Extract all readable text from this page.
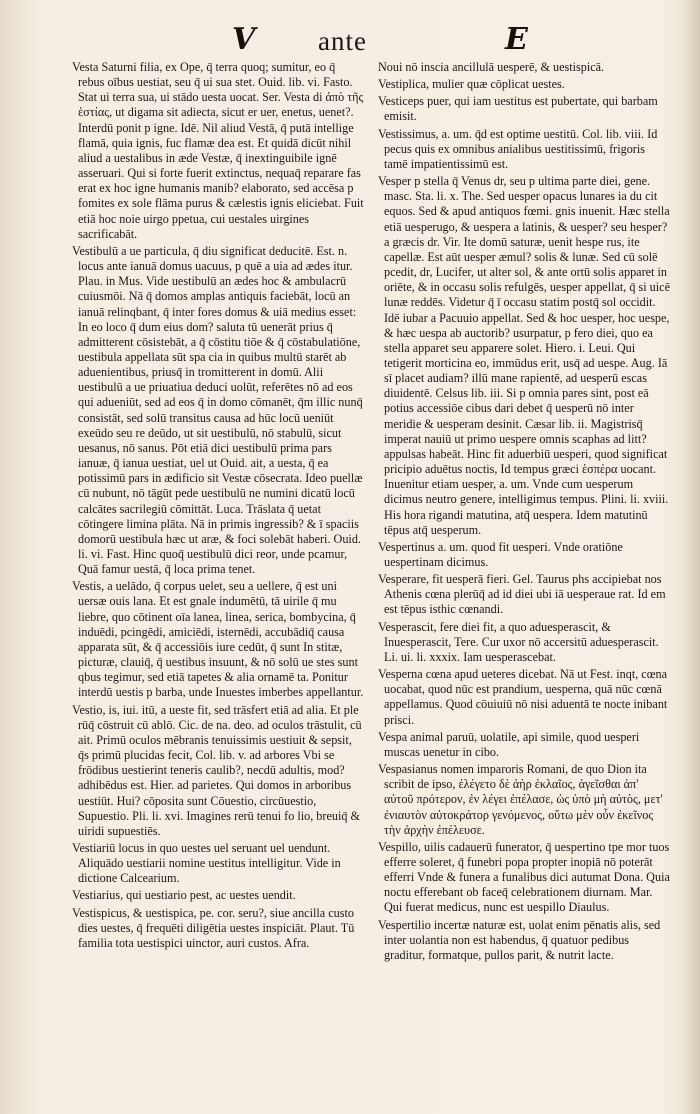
V ante	E

Vesta Saturni filia, ex Ope, q̄ terra quoq; sumitur, eo q̄ rebus oībus uestiat, seu q̄ ui sua stet. Ouid. lib. vi. Fasto. Stat ui terra sua, ui stādo uesta uocat. Ser. Vesta di ἀπὸ τῆς ἑστίας, ut digama sit adiecta, sicut er uer, enetus, uenet?. Interdū ponit p igne. Idē. Nil aliud Vestā, q̄ putā intellige flamā, quia ignis, fuc flamæ dea est. Et quidā dicūt nihil aliud a uestalibus in æde Vestæ, q̄ inextinguibile ignē asseruari. Qui si forte fuerit extinctus, nequaq̄ reparare fas erat ex hoc igne humanis manib? elaborato, sed accēsa p fomites ex sole flāma purus & cælestis ignis eliciebat. Fuit etiā hoc noie uirgo ppetua, cui uestales uirgines sacrificabāt.

Vestibulū a ue particula, q̄ diu significat deducitē. Est. n. locus ante ianuā domus uacuus, p quē a uia ad ædes itur. Plau. in Mus. Vide uestibulū an ædes hoc & ambulacrū cuiusmōi. Nā q̄ domos amplas antiquis faciebāt, locū an ianuā relinqbant, q̄ inter fores domus & uiā medius esset: In eo loco q̄ dum eius dom? saluta tū uenerāt prius q̄ admitterent cōsistebāt, a q̄ cōstitu tiōe & q̄ cōstabulatiōne, uestibula appellata sūt spa cia in quibus multū starēt ab aduenientibus, priusq̄ in tromitterent in domū. Alii uestibulū a ue priuatiua deduci uolūt, referētes nō ad eos qui adueniūt, sed ad eos q̄ in domo cōmanēt, q̄m illic nunq̄ consistāt, sed solū transitus causa ad hūc locū ueniūt exeūdo seu re deūdo, ut sit uestibulū, nō stabulū, sicut uesanus, nō sanus. Pōt etiā dici uestibulū prima pars ianuæ, q̄ ianua uestiat, uel ut Ouid. ait, a uesta, q̄ ea potissimū pars in ædificio sit Vestæ cōsecrata. Ideo puellæ cū nubunt, nō tāgūt pede uestibulū ne numini dicatū locū calcātes sacrilegiū cōmittāt. Luca. Trāslata q̄ uetat cōtingere limina plāta. Nā in primis ingressib? & ī spaciis domorū uestibula hæc ut aræ, & foci solebāt haberi. Ouid. li. vi. Fast. Hinc quoq̄ uestibulū dici reor, unde pcamur, Quā famur uestā, q̄ loca prima tenet.

Vestis, a uelādo, q̄ corpus uelet, seu a uellere, q̄ est uni uersæ ouis lana. Et est gnale indumētū, tā uirile q̄ mu liebre, quo cōtinent oīa lanea, linea, serica, bombycina, q̄ induēdi, pcingēdi, amiciēdi, isternēdi, accubādiq̄ causa apparata sūt, & q̄ accessiōis iure cedūt, q̄ sunt In stitæ, picturæ, clauiq̄, q̄ uestibus insuunt, & nō solū ue stes sunt qbus tegimur, sed etiā tapetes & alia ornamē ta. Ponitur interdū uestis p barba, unde Inuestes imberbes appellantur.

Vestio, is, iui. itū, a ueste fit, sed trāsfert etiā ad alia. Et ple rūq̄ cōstruit cū ablō. Cic. de na. deo. ad oculos trāstulit, cū ait. Primū oculos mēbranis tenuissimis uestiuit & sepsit, q̄s primū plucidas fecit, Col. lib. v. ad arbores Vbi se frōdibus uestierint teneris caulib?, necdū adultis, mod? adhibēdus est. Hier. ad parietes. Qui domos in arboribus uestiūt. Hui? cōposita sunt Cōuestio, circūuestio, Supuestio. Pli. li. xvi. Imagines rerū tenui fo lio, breuiq̄ & uiridi supuestiēs.

Vestiariū locus in quo uestes uel seruant uel uendunt. Aliquādo uestiarii nomine uestitus intelligitur. Vide in dictione Calcearium.

Vestiarius, qui uestiario pest, ac uestes uendit.

Vestispicus, & uestispica, pe. cor. seru?, siue ancilla custo dies uestes, q̄ frequēti diligētia uestes inspiciāt. Plaut. Tū familia tota uestispici uinctor, auri custos. Afra.

Noui nō inscia ancillulā uesperē, & uestispicā.

Vestiplica, mulier quæ cōplicat uestes.

Vesticeps puer, qui iam uestitus est pubertate, qui barbam emisit.

Vestissimus, a. um. q̄d est optime uestitū. Col. lib. viii. Id pecus quis ex omnibus anialibus uestitissimū, frigoris tamē impatientissimū est.

Vesper p stella q̄ Venus dr, seu p ultima parte diei, gene. masc. Sta. li. x. The. Sed uesper opacus lunares ia du cit equos. Sed & apud antiquos fœmi. gnis inuenit. Hæc stella etiā uesperugo, & uespera a latinis, & uesper? seu hesper? a græcis dr. Vir. Ite domū saturæ, uenit hespe rus, ite capellæ. Est aūt uesper æmul? solis & lunæ. Sed cū solē pcedit, dr, Lucifer, ut alter sol, & ante ortū solis apparet in oriēte, & in occasu solis refulgēs, uesper appellat, q̄ si uicē lunæ reddēs. Videtur q̄ ī occasu statim postq̄ sol occidit. Idē iubar a Pacuuio appellat. Sed & hoc uesper, hoc uespe, & hæc uespa ab auctorib? usurpatur, p fero diei, quo ea stella apparet seu apparere solet. Hiero. i. Leui. Qui tetigerit morticina eo, immūdus erit, usq̄ ad uespe. Aug. Iā sī placet audiam? illū mane rapientē, ad uesperū escas diuidentē. Celsus lib. iii. Si p omnia pares sint, post eā potius accessiōe cibus dari debet q̄ uesperū nō inter meridie & uesperam desinit. Cæsar lib. ii. Magistrisq̄ imperat nauiū ut primo uespere omnis scaphas ad litt? appulsas habeāt. Hinc fit aduerbiū uesperi, quod significat pricipio aduētus noctis, Id tempus græci ἑσπέρα uocant. Inuenitur etiam uesper, a. um. Vnde cum uesperum dicimus neutro genere, intelligimus tempus. Plini. li. xviii. His hora rigandi matutina, atq̄ uespera. Idem matutinū tēpus atq̄ uesperum.

Vespertinus a. um. quod fit uesperi. Vnde oratiōne uespertinam dicimus.

Vesperare, fit uesperā fieri. Gel. Taurus phs accipiebat nos Athenis cœna plerūq̄ ad id diei ubi iā uesperaue rat. Id em est tēpus isthic cœnandi.

Vesperascit, fere diei fit, a quo aduesperascit, & Inuesperascit, Tere. Cur uxor nō accersitū aduesperascit. Li. ui. li. xxxix. Iam uesperascebat.

Vesperna cœna apud ueteres dicebat. Nā ut Fest. inqt, cœna uocabat, quod nūc est prandium, uesperna, quā nūc cœnā appellamus. Quod cōuiuiū nō nisi aduentā te nocte inibant prisci.

Vespa animal paruū, uolatile, api simile, quod uesperi muscas uenetur in cibo.

Vespasianus nomen imparoris Romani, de quo Dion ita scribit de ipso, ἐλέγετο δὲ ἀὴρ ἐκλαῖος, ἀγεῖσθαι ἀπ' αὐτοῦ πρότερον, ἐν λέγει ἐπέλασε, ὡς ὑπὸ μὴ αὐτὸς, μετ' ἐνιαυτὸν αὐτοκράτορ γενόμενος, οὕτω μὲν οὖν ἐκεῖνος τὴν ἀρχὴν ἐπέλευσε.

Vespillo, uilis cadauerū funerator, q̄ uespertino tpe mor tuos efferre soleret, q̄ funebri popa propter inopiā nō poterāt efferri Vnde & funera a funalibus dici autumat Dona. Quia noctu efferebant ob faceq̄ celebrationem diurnam. Mar. Qui fuerat medicus, nunc est uespillo Diaulus.

Vespertilio incertæ naturæ est, uolat enim pēnatis alis, sed inter uolantia non est habendus, q̄ quatuor pedibus graditur, formatque, pullos parit, & nutrit lacte.
